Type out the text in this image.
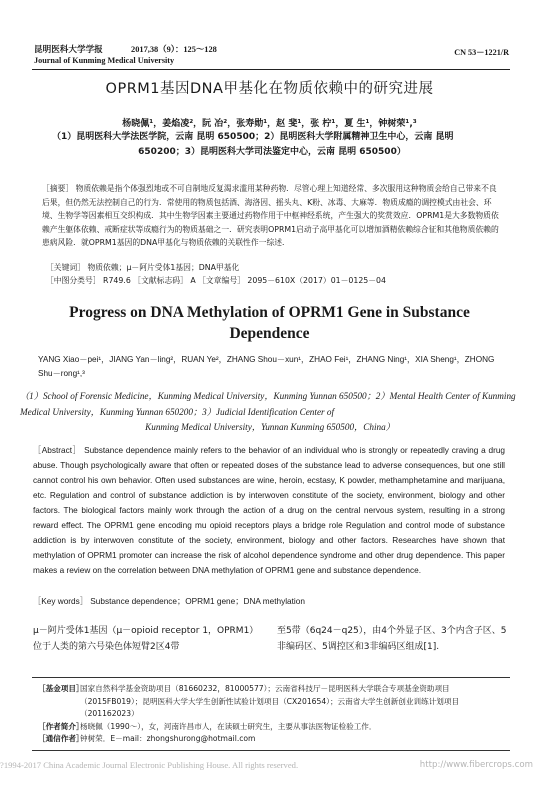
昆明医科大学学报	2017,38（9）：125～128
Journal of Kunming Medical University
CN 53－1221/R
OPRM1基因DNA甲基化在物质依赖中的研究进展
杨晓佩¹，姜焰凌²，阮 冶²，张寿勋¹，赵 斐¹，张 柠¹，夏 生¹，钟树荣¹,³
（1）昆明医科大学法医学院，云南 昆明 650500；2）昆明医科大学附属精神卫生中心，云南 昆明
650200；3）昆明医科大学司法鉴定中心，云南 昆明 650500）
［摘要］ 物质依赖是指个体强烈地或不可自制地反复渴求滥用某种药物．尽管心理上知道经常、多次服用这种物质会给自己带来不良后果，但仍然无法控制自己的行为．常使用的物质包括酒、海洛因、摇头丸、K粉、冰毒、大麻等．物质成瘾的调控模式由社会、环境、生物学等因素相互交织构成．其中生物学因素主要通过药物作用于中枢神经系统，产生强大的奖赏效应．OPRM1是大多数物质依赖产生躯体依赖、戒断症状等成瘾行为的物质基础之一．研究表明OPRM1启动子高甲基化可以增加酒精依赖综合征和其他物质依赖的患病风险．就OPRM1基因的DNA甲基化与物质依赖的关联性作一综述．
［关键词］ 物质依赖；μ－阿片受体1基因；DNA甲基化
［中图分类号］ R749.6 ［文献标志码］ A ［文章编号］ 2095－610X（2017）01－0125－04
Progress on DNA Methylation of OPRM1 Gene in Substance
Dependence
YANG Xiao－pei¹，JIANG Yan－ling²，RUAN Ye²，ZHANG Shou－xun¹，ZHAO Fei¹，ZHANG Ning¹，XIA Sheng¹，ZHONG Shu－rong¹,³
（1）School of Forensic Medicine，Kunming Medical University，Kunming Yunnan 650500；2）Mental Health Center of Kunming Medical University，Kunming Yunnan 650200；3）Judicial Identification Center of
Kunming Medical University，Yunnan Kunming 650500，China）
［Abstract］ Substance dependence mainly refers to the behavior of an individual who is strongly or repeatedly craving a drug abuse. Though psychologically aware that often or repeated doses of the substance lead to adverse consequences, but one still cannot control his own behavior. Often used substances are wine, heroin, ecstasy, K powder, methamphetamine and marijuana, etc. Regulation and control of substance addiction is by interwoven constitute of the society, environment, biology and other factors. The biological factors mainly work through the action of a drug on the central nervous system, resulting in a strong reward effect. The OPRM1 gene encoding mu opioid receptors plays a bridge role Regulation and control mode of substance addiction is by interwoven constitute of the society, environment, biology and other factors. Researches have shown that methylation of OPRM1 promoter can increase the risk of alcohol dependence syndrome and other drug dependence. This paper makes a review on the correlation between DNA methylation of OPRM1 gene and substance dependence.
［Key words］ Substance dependence；OPRM1 gene；DNA methylation
μ－阿片受体1基因（μ－opioid receptor 1，OPRM1）位于人类的第六号染色体短臂2区4带
至5带（6q24－q25），由4个外显子区、3个内含子区、5非编码区、5调控区和3非编码区组成[1].
［基金项目］
国家自然科学基金资助项目（81660232，81000577）；云南省科技厅－昆明医科大学联合专项基金资助项目（2015FB019）；昆明医科大学大学生创新性试验计划项目（CX201654）；云南省大学生创新创业训练计划项目（201162023）
［作者简介］
杨晓佩（1990～），女，河南许昌市人，在读硕士研究生，主要从事法医物证检验工作．
［通信作者］
钟树荣．E－mail：zhongshurong@hotmail.com
?1994-2017 China Academic Journal Electronic Publishing House. All rights reserved.	http://www.fibercrops.com
